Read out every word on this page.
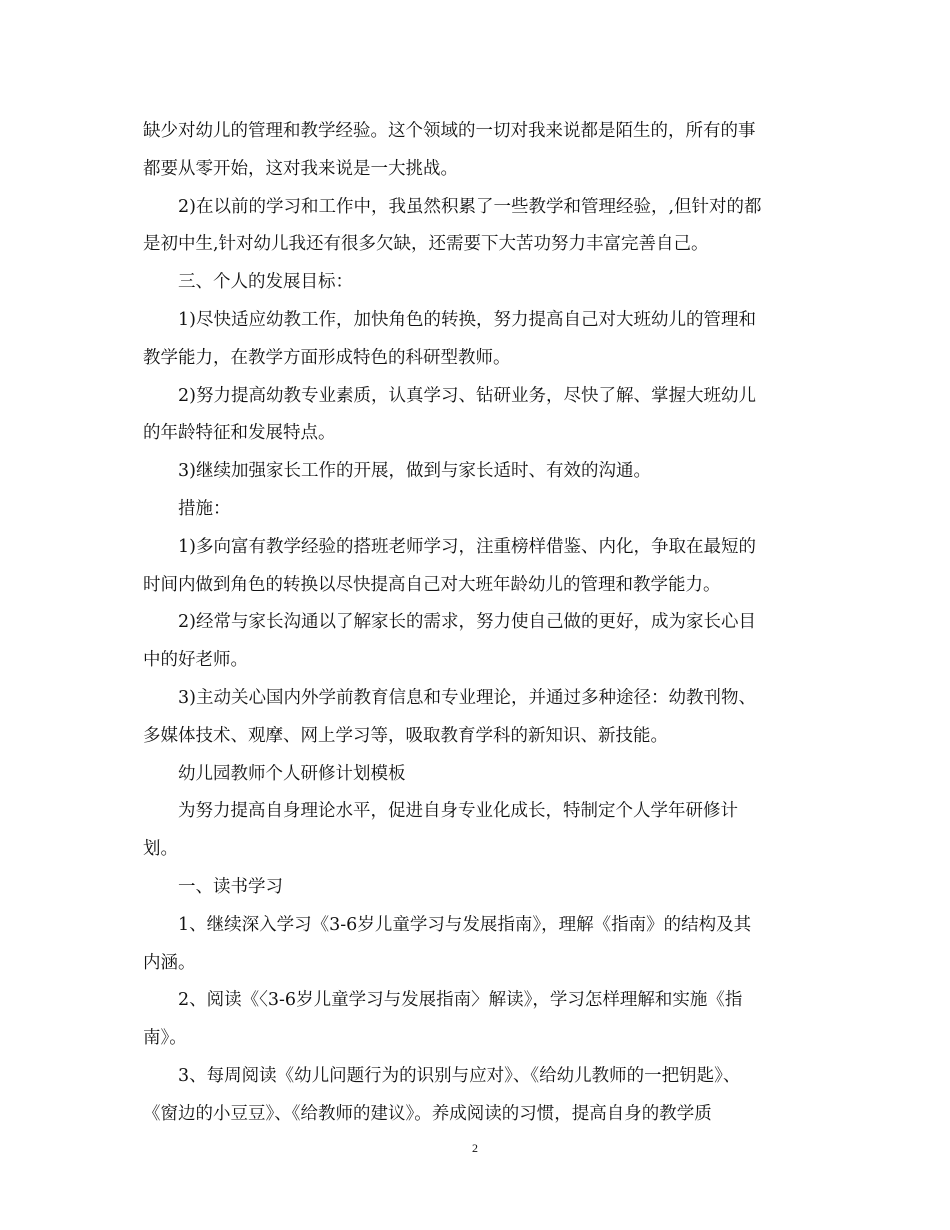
缺少对幼儿的管理和教学经验。这个领域的一切对我来说都是陌生的，所有的事
都要从零开始，这对我来说是一大挑战。
2)在以前的学习和工作中，我虽然积累了一些教学和管理经验，,但针对的都
是初中生,针对幼儿我还有很多欠缺，还需要下大苦功努力丰富完善自己。
三、个人的发展目标：
1)尽快适应幼教工作，加快角色的转换，努力提高自己对大班幼儿的管理和
教学能力，在教学方面形成特色的科研型教师。
2)努力提高幼教专业素质，认真学习、钻研业务，尽快了解、掌握大班幼儿
的年龄特征和发展特点。
3)继续加强家长工作的开展，做到与家长适时、有效的沟通。
措施：
1)多向富有教学经验的搭班老师学习，注重榜样借鉴、内化，争取在最短的
时间内做到角色的转换以尽快提高自己对大班年龄幼儿的管理和教学能力。
2)经常与家长沟通以了解家长的需求，努力使自己做的更好，成为家长心目
中的好老师。
3)主动关心国内外学前教育信息和专业理论，并通过多种途径：幼教刊物、
多媒体技术、观摩、网上学习等，吸取教育学科的新知识、新技能。
幼儿园教师个人研修计划模板
为努力提高自身理论水平，促进自身专业化成长，特制定个人学年研修计
划。
一、读书学习
1、继续深入学习《3-6岁儿童学习与发展指南》，理解《指南》的结构及其
内涵。
2、阅读《〈3-6岁儿童学习与发展指南〉解读》，学习怎样理解和实施《指
南》。
3、每周阅读《幼儿问题行为的识别与应对》、《给幼儿教师的一把钥匙》、
《窗边的小豆豆》、《给教师的建议》。养成阅读的习惯，提高自身的教学质
2
